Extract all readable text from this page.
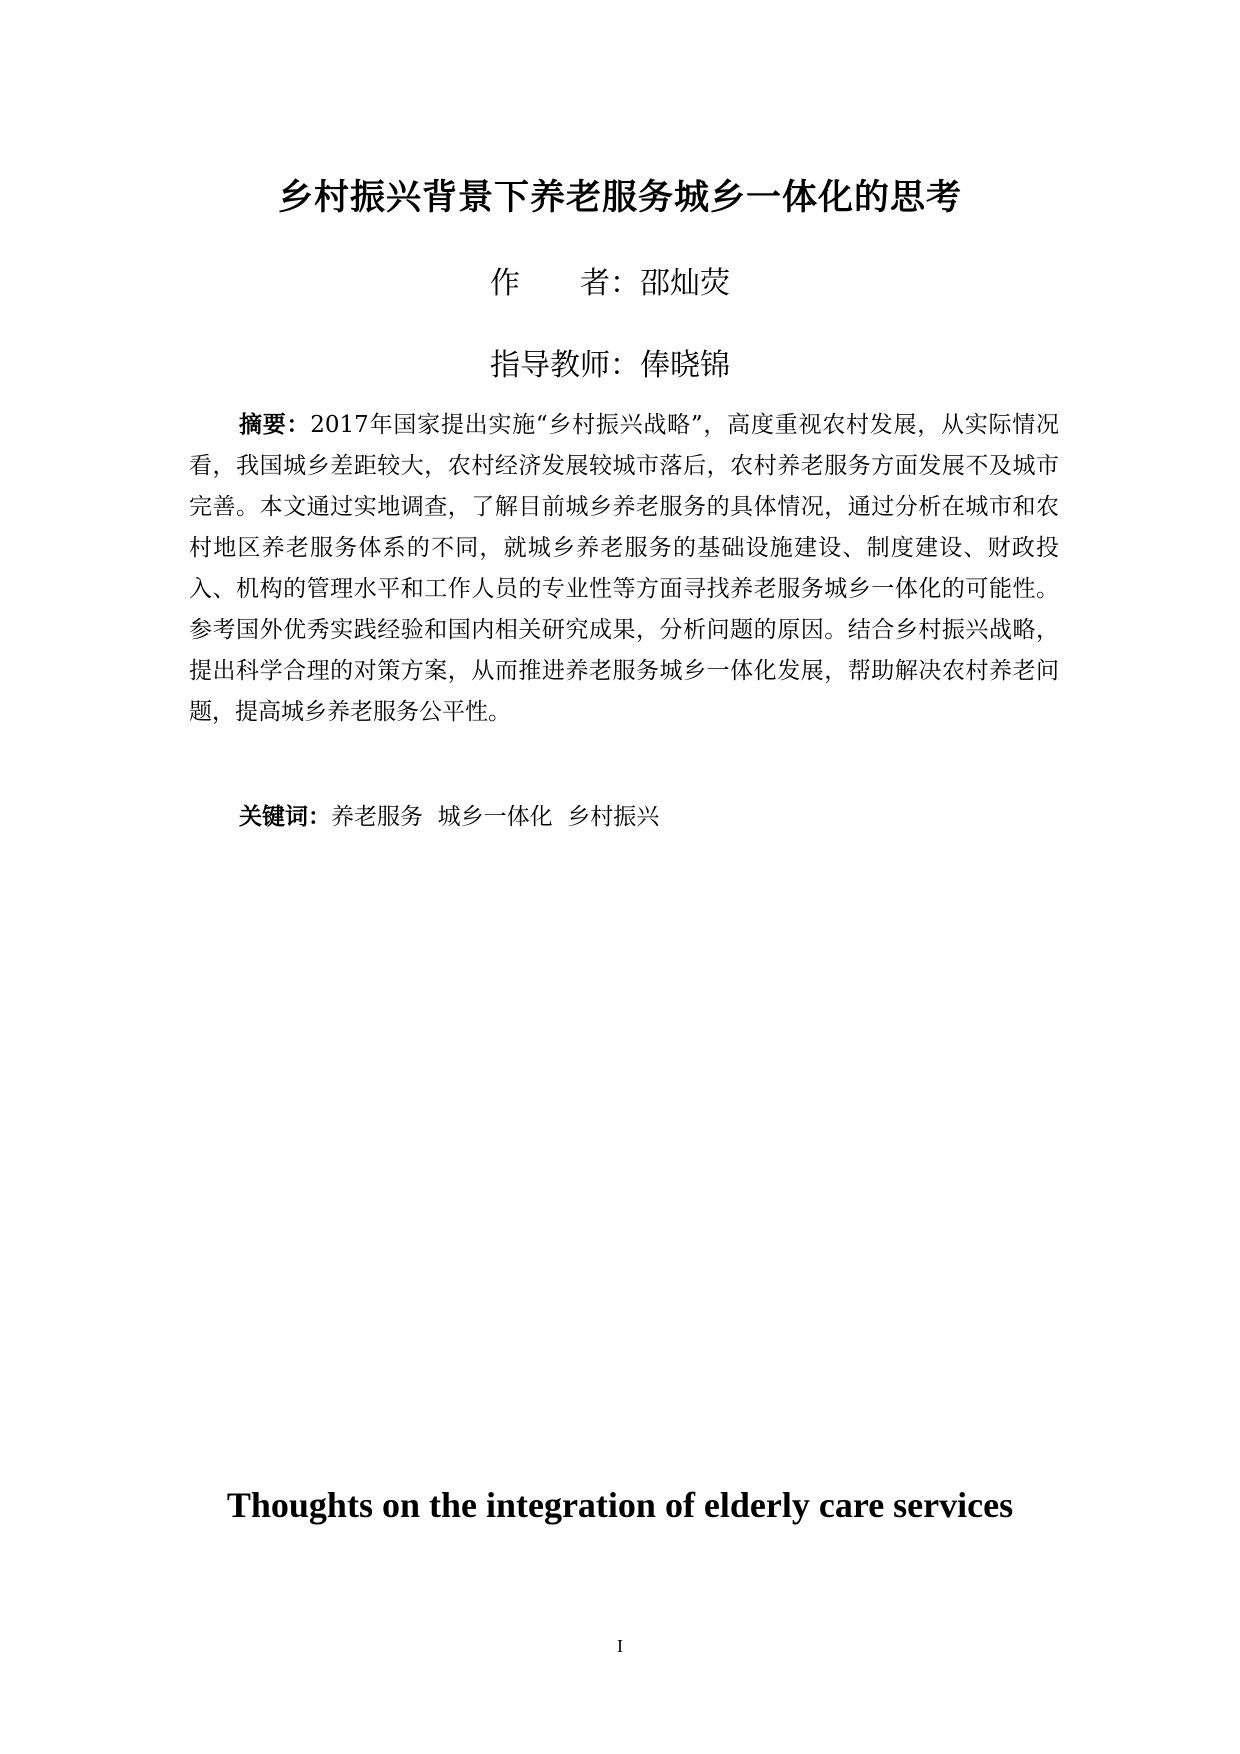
乡村振兴背景下养老服务城乡一体化的思考
作　　者：邵灿荧
指导教师：俸晓锦
摘要：2017年国家提出实施“乡村振兴战略”，高度重视农村发展，从实际情况看，我国城乡差距较大，农村经济发展较城市落后，农村养老服务方面发展不及城市完善。本文通过实地调查，了解目前城乡养老服务的具体情况，通过分析在城市和农村地区养老服务体系的不同，就城乡养老服务的基础设施建设、制度建设、财政投入、机构的管理水平和工作人员的专业性等方面寻找养老服务城乡一体化的可能性。参考国外优秀实践经验和国内相关研究成果，分析问题的原因。结合乡村振兴战略，提出科学合理的对策方案，从而推进养老服务城乡一体化发展，帮助解决农村养老问题，提高城乡养老服务公平性。
关键词：养老服务  城乡一体化  乡村振兴
Thoughts on the integration of elderly care services
I
